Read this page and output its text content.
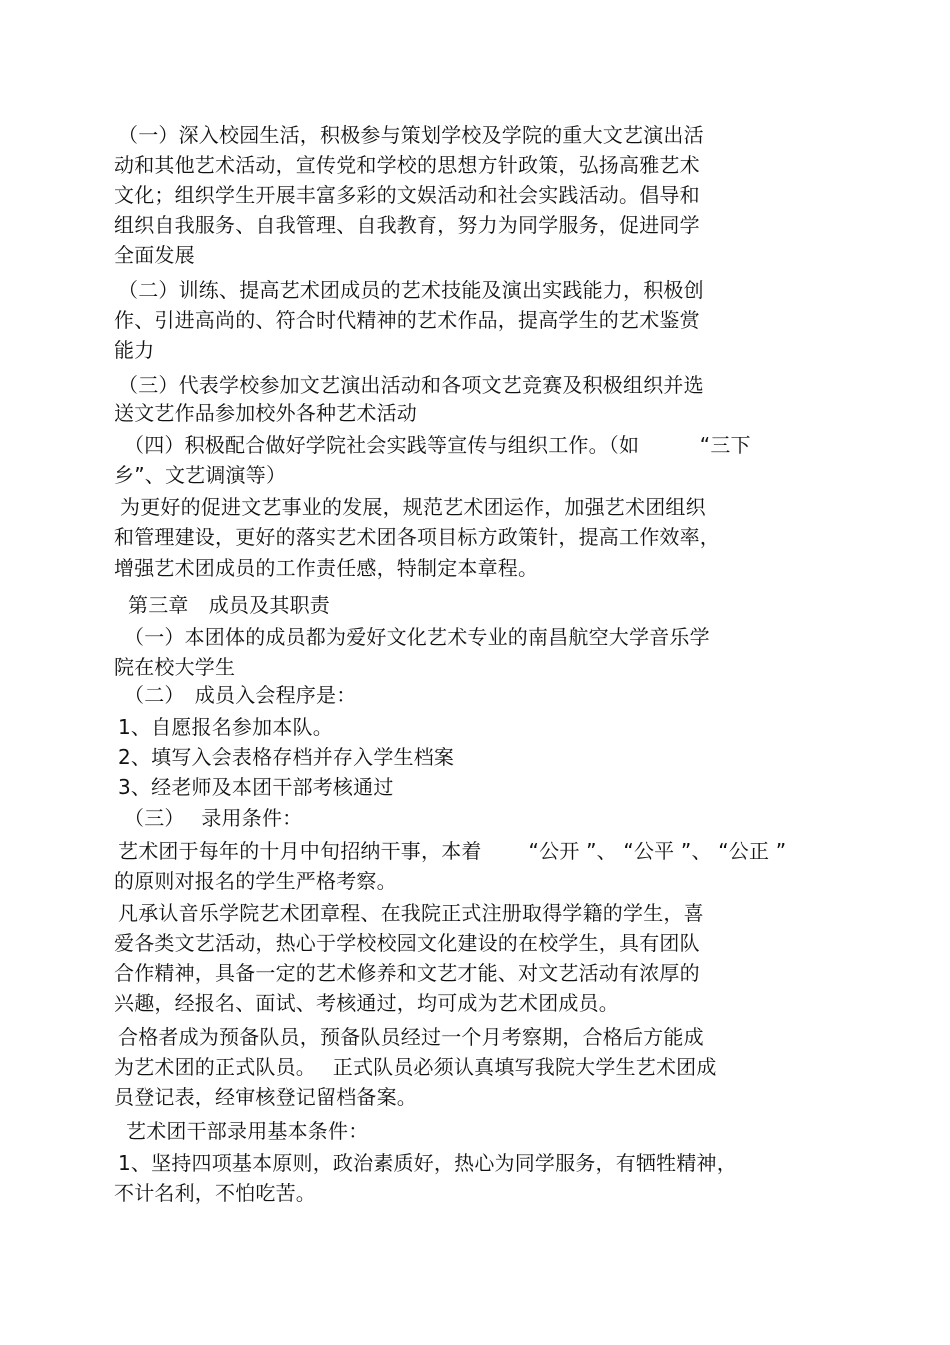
（一）深入校园生活，积极参与策划学校及学院的重大文艺演出活
动和其他艺术活动，宣传党和学校的思想方针政策，弘扬高雅艺术
文化；组织学生开展丰富多彩的文娱活动和社会实践活动。倡导和
组织自我服务、自我管理、自我教育，努力为同学服务，促进同学
全面发展
（二）训练、提高艺术团成员的艺术技能及演出实践能力，积极创
作、引进高尚的、符合时代精神的艺术作品，提高学生的艺术鉴赏
能力
（三）代表学校参加文艺演出活动和各项文艺竞赛及积极组织并选
送文艺作品参加校外各种艺术活动
（四）积极配合做好学院社会实践等宣传与组织工作。（如　　　“三下
乡”、文艺调演等）
为更好的促进文艺事业的发展，规范艺术团运作，加强艺术团组织
和管理建设，更好的落实艺术团各项目标方政策针，提高工作效率，
增强艺术团成员的工作责任感，特制定本章程。
第三章　成员及其职责
（一）本团体的成员都为爱好文化艺术专业的南昌航空大学音乐学
院在校大学生
（二）　成员入会程序是：
1、自愿报名参加本队。
2、填写入会表格存档并存入学生档案
3、经老师及本团干部考核通过
（三）　 录用条件：
艺术团于每年的十月中旬招纳干事，本着　　 “公开 ”、 “公平 ”、 “公正 ”
的原则对报名的学生严格考察。
凡承认音乐学院艺术团章程、在我院正式注册取得学籍的学生，喜
爱各类文艺活动，热心于学校校园文化建设的在校学生，具有团队
合作精神，具备一定的艺术修养和文艺才能、对文艺活动有浓厚的
兴趣，经报名、面试、考核通过，均可成为艺术团成员。
合格者成为预备队员，预备队员经过一个月考察期，合格后方能成
为艺术团的正式队员。　 正式队员必须认真填写我院大学生艺术团成
员登记表，经审核登记留档备案。
艺术团干部录用基本条件：
1、坚持四项基本原则，政治素质好，热心为同学服务，有牺牲精神，
不计名利，不怕吃苦。
